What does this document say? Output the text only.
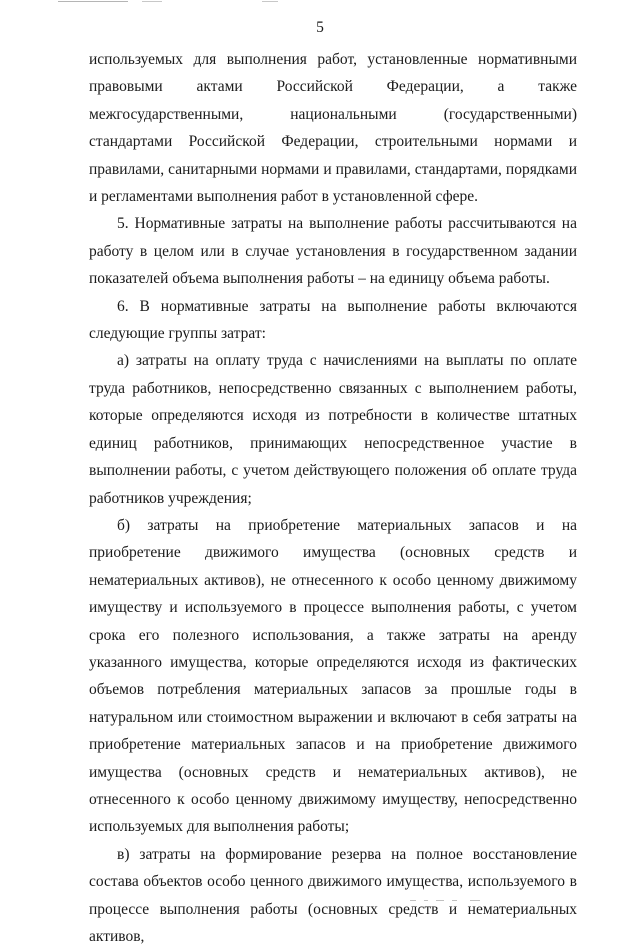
5

используемых для выполнения работ, установленные нормативными правовыми актами Российской Федерации, а также межгосударственными, национальными (государственными) стандартами Российской Федерации, строительными нормами и правилами, санитарными нормами и правилами, стандартами, порядками и регламентами выполнения работ в установленной сфере.

5. Нормативные затраты на выполнение работы рассчитываются на работу в целом или в случае установления в государственном задании показателей объема выполнения работы – на единицу объема работы.

6. В нормативные затраты на выполнение работы включаются следующие группы затрат:

а) затраты на оплату труда с начислениями на выплаты по оплате труда работников, непосредственно связанных с выполнением работы, которые определяются исходя из потребности в количестве штатных единиц работников, принимающих непосредственное участие в выполнении работы, с учетом действующего положения об оплате труда работников учреждения;

б) затраты на приобретение материальных запасов и на приобретение движимого имущества (основных средств и нематериальных активов), не отнесенного к особо ценному движимому имуществу и используемого в процессе выполнения работы, с учетом срока его полезного использования, а также затраты на аренду указанного имущества, которые определяются исходя из фактических объемов потребления материальных запасов за прошлые годы в натуральном или стоимостном выражении и включают в себя затраты на приобретение материальных запасов и на приобретение движимого имущества (основных средств и нематериальных активов), не отнесенного к особо ценному движимому имуществу, непосредственно используемых для выполнения работы;

в) затраты на формирование резерва на полное восстановление состава объектов особо ценного движимого имущества, используемого в процессе выполнения работы (основных средств и нематериальных активов,
